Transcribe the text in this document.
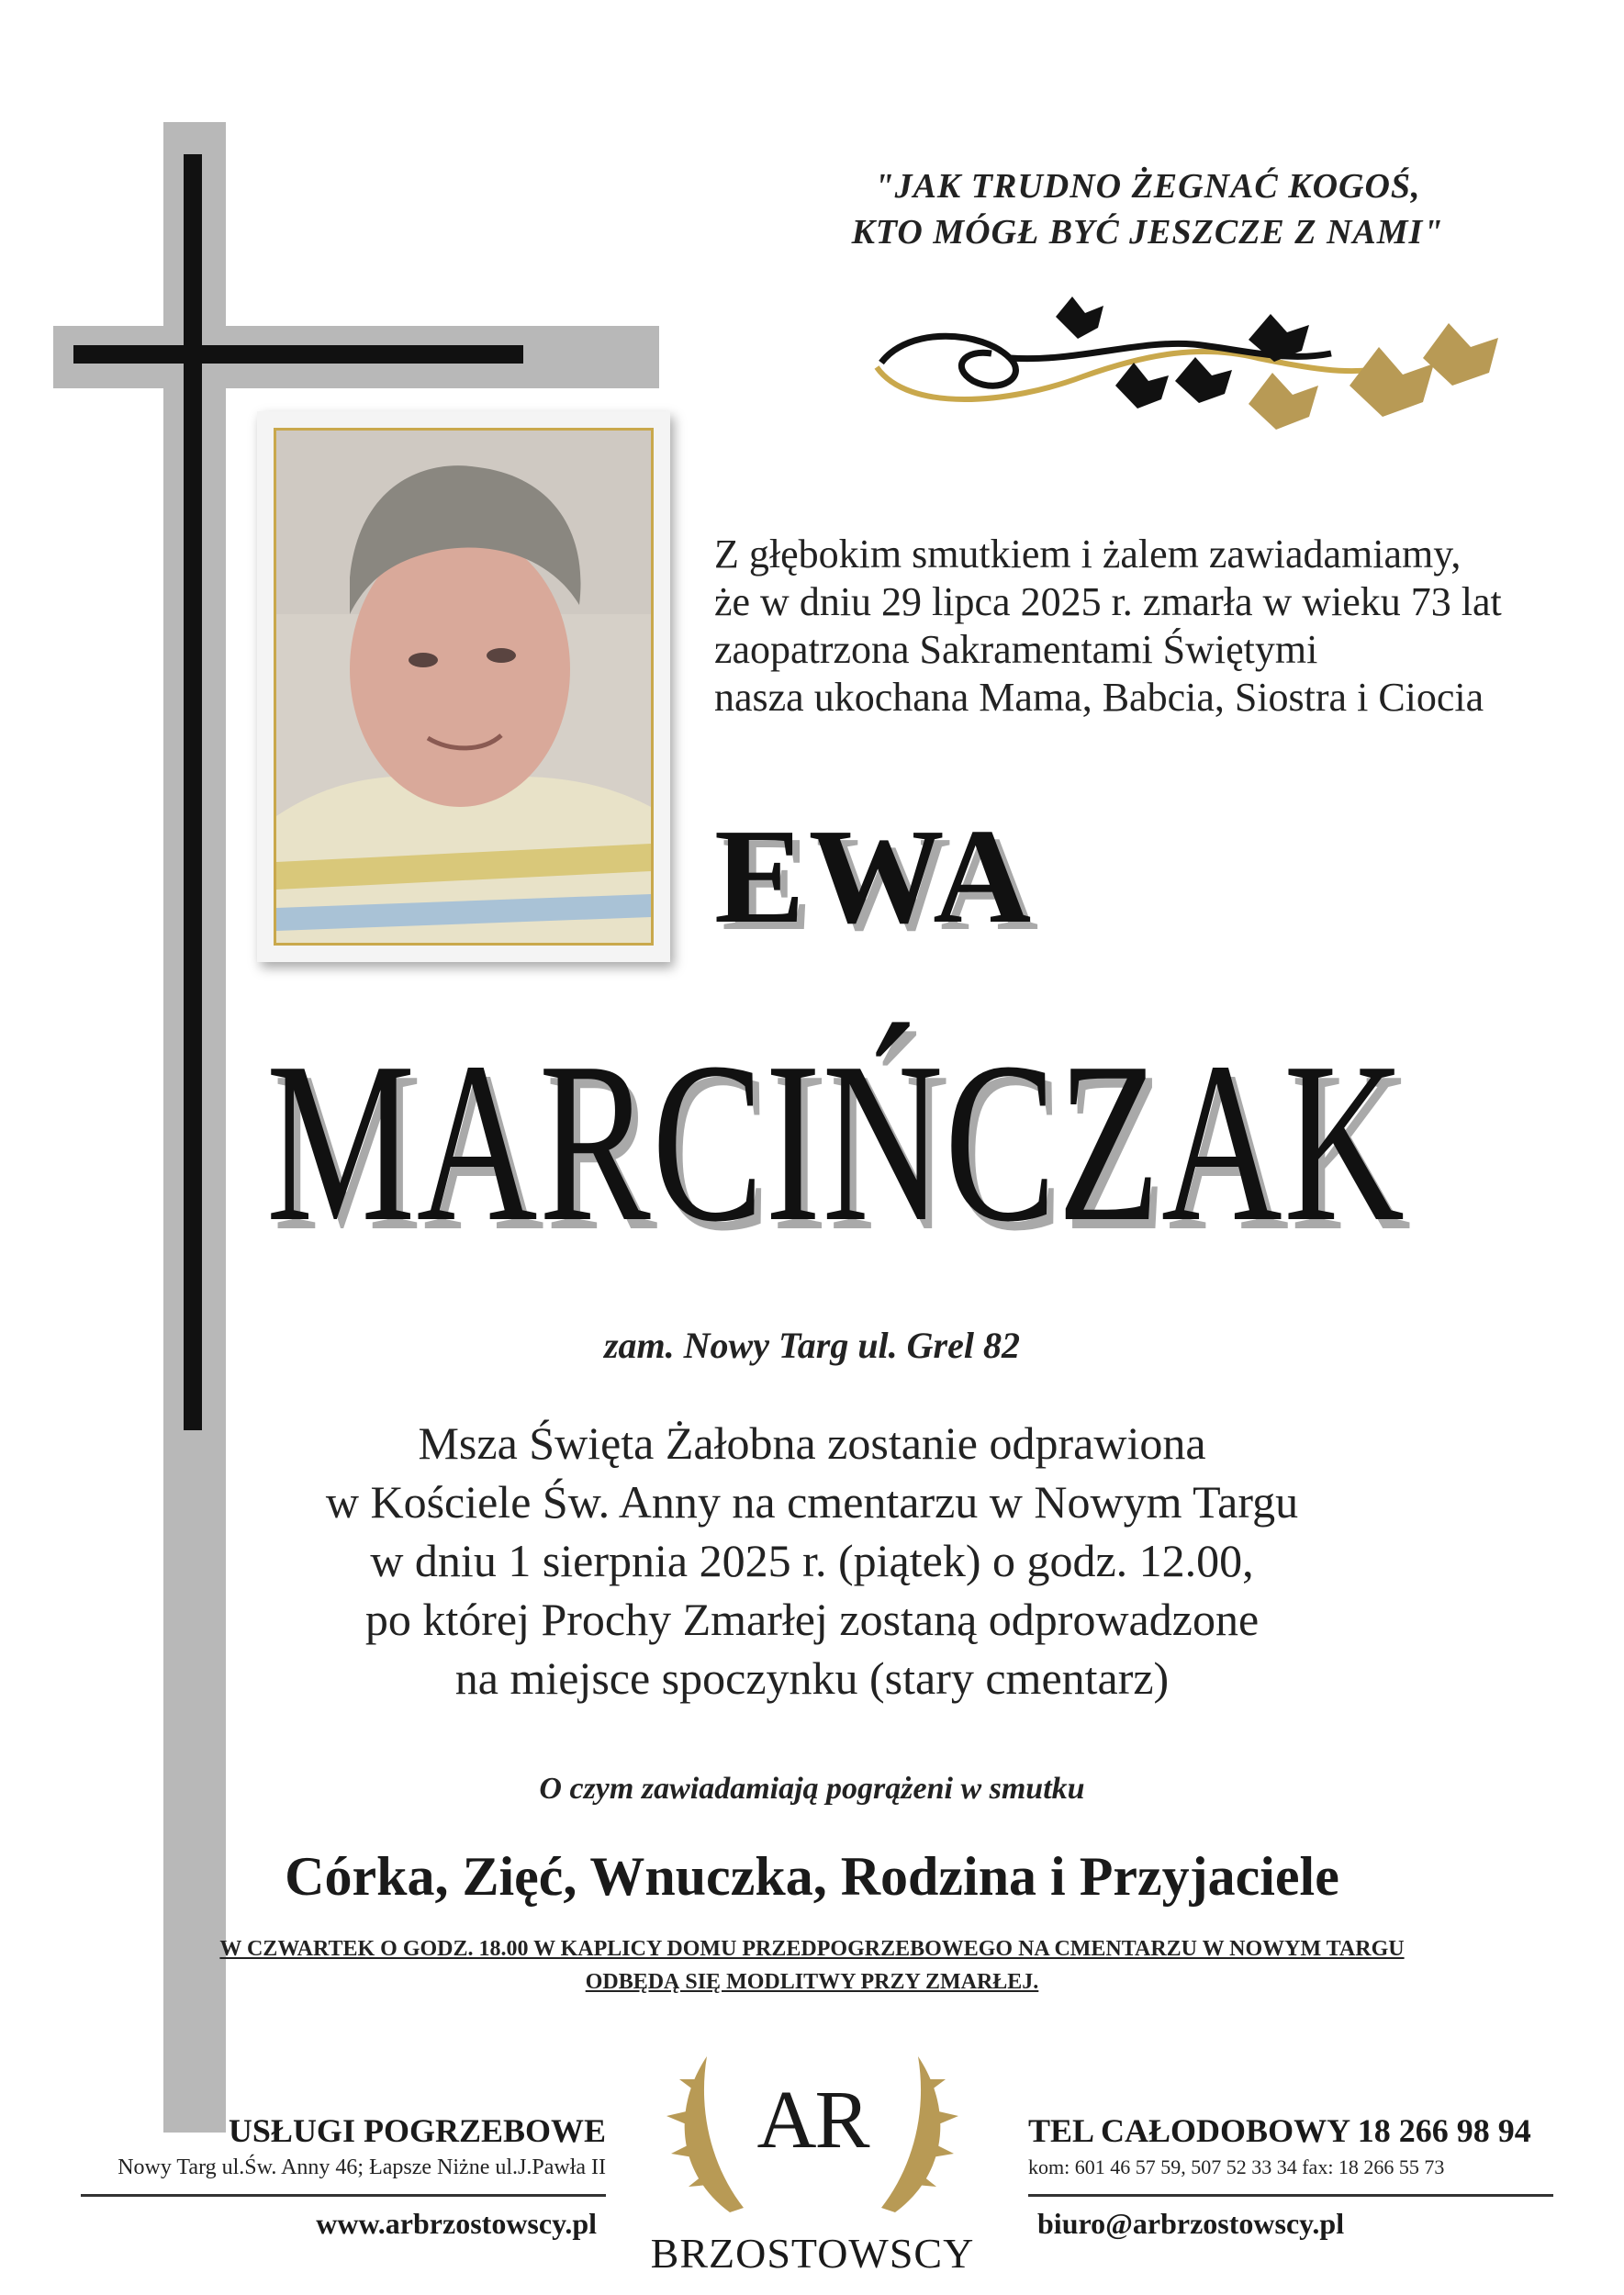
"JAK TRUDNO ŻEGNAĆ KOGOŚ,
KTO MÓGŁ BYĆ JESZCZE Z NAMI"
Z głębokim smutkiem i żalem zawiadamiamy,
że w dniu 29 lipca 2025 r. zmarła w wieku 73 lat
zaopatrzona Sakramentami Świętymi
nasza ukochana Mama, Babcia, Siostra i Ciocia
EWA
MARCIŃCZAK
zam. Nowy Targ ul. Grel 82
Msza Święta Żałobna zostanie odprawiona
w Kościele Św. Anny na cmentarzu w Nowym Targu
w dniu 1 sierpnia 2025 r. (piątek) o godz. 12.00,
po której Prochy Zmarłej zostaną odprowadzone
na miejsce spoczynku (stary cmentarz)
O czym zawiadamiają pogrążeni w smutku
Córka, Zięć, Wnuczka, Rodzina i Przyjaciele
W CZWARTEK O GODZ. 18.00 W KAPLICY DOMU PRZEDPOGRZEBOWEGO NA CMENTARZU W NOWYM TARGU
ODBĘDĄ SIĘ MODLITWY PRZY ZMARŁEJ.
USŁUGI POGRZEBOWE
Nowy Targ ul.Św. Anny 46; Łapsze Niżne ul.J.Pawła II
www.arbrzostowscy.pl
AR
BRZOSTOWSCY
TEL CAŁODOBOWY 18 266 98 94
kom: 601 46 57 59, 507 52 33 34 fax: 18 266 55 73
biuro@arbrzostowscy.pl
